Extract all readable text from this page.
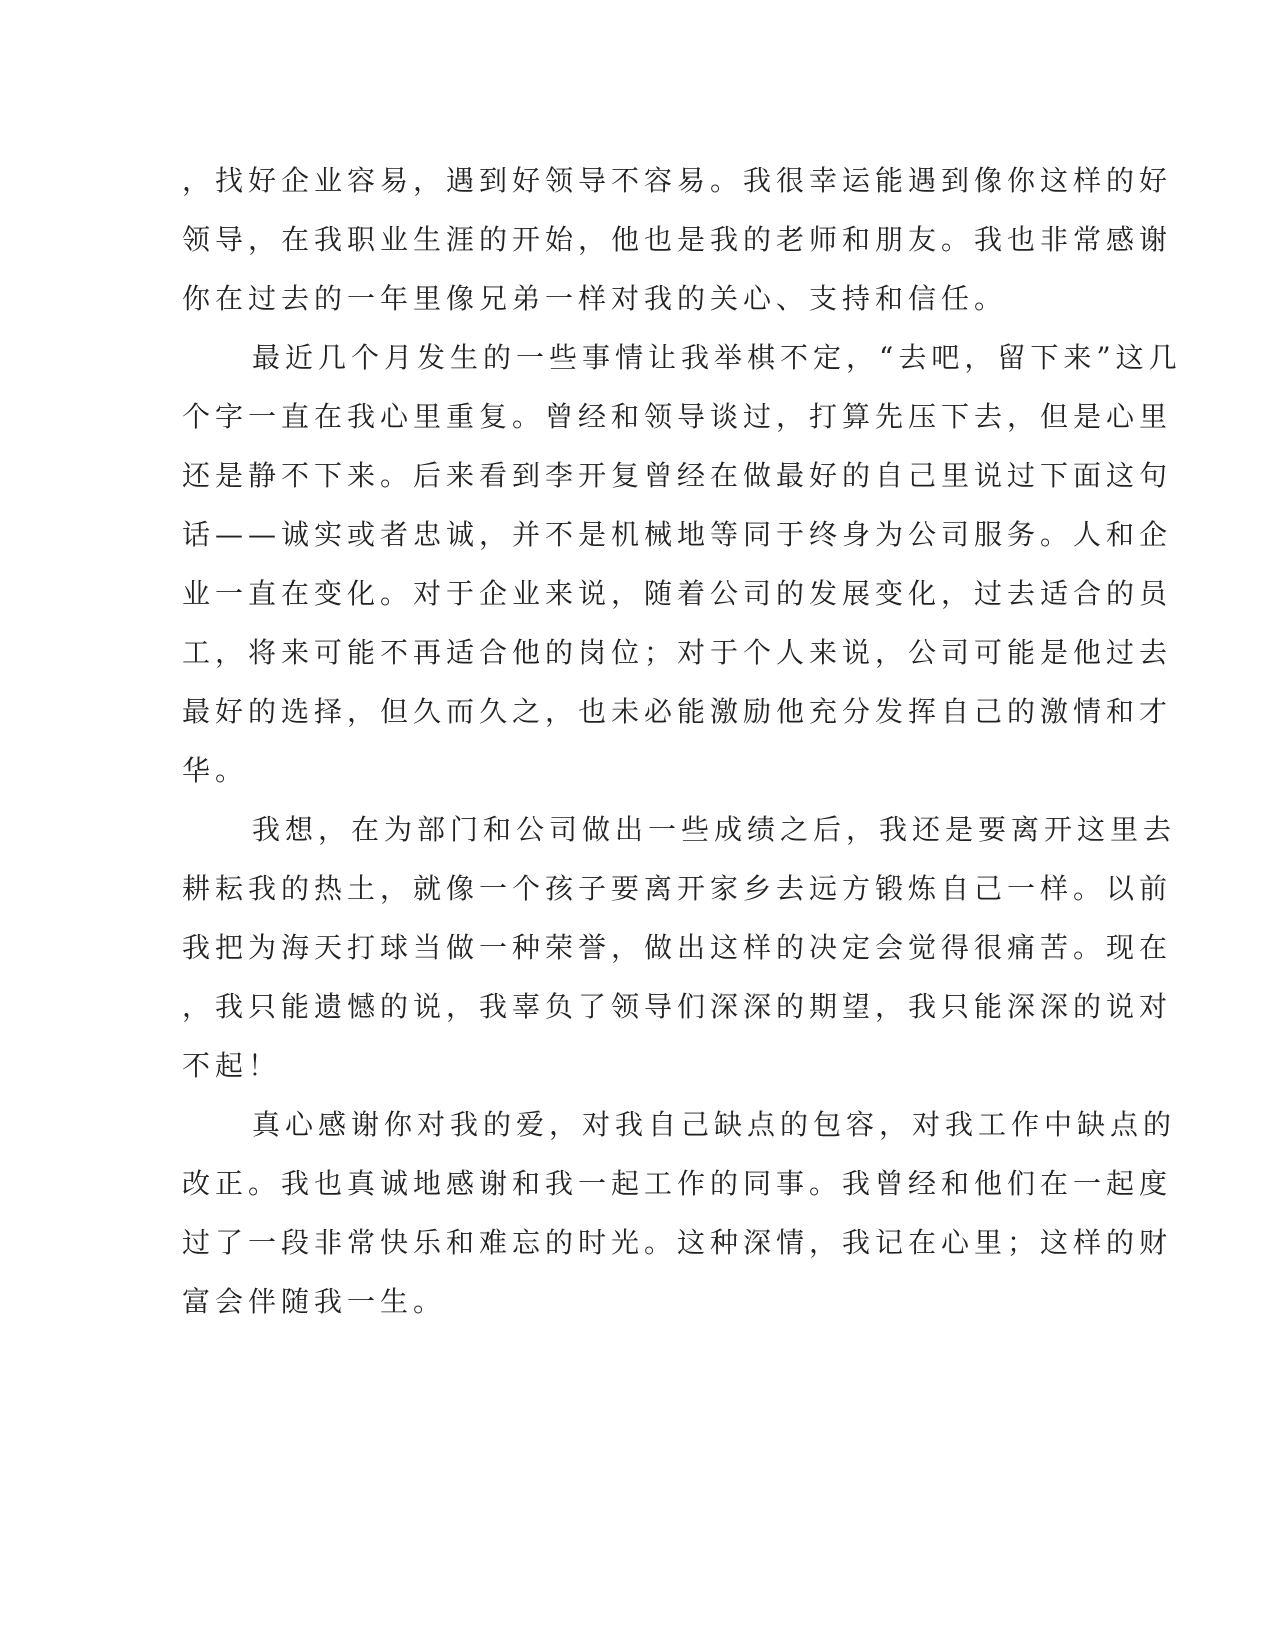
，找好企业容易，遇到好领导不容易。我很幸运能遇到像你这样的好

领导，在我职业生涯的开始，他也是我的老师和朋友。我也非常感谢

你在过去的一年里像兄弟一样对我的关心、支持和信任。

最近几个月发生的一些事情让我举棋不定，“去吧，留下来”这几

个字一直在我心里重复。曾经和领导谈过，打算先压下去，但是心里

还是静不下来。后来看到李开复曾经在做最好的自己里说过下面这句

话——诚实或者忠诚，并不是机械地等同于终身为公司服务。人和企

业一直在变化。对于企业来说，随着公司的发展变化，过去适合的员

工，将来可能不再适合他的岗位；对于个人来说，公司可能是他过去

最好的选择，但久而久之，也未必能激励他充分发挥自己的激情和才

华。

我想，在为部门和公司做出一些成绩之后，我还是要离开这里去

耕耘我的热土，就像一个孩子要离开家乡去远方锻炼自己一样。以前

我把为海天打球当做一种荣誉，做出这样的决定会觉得很痛苦。现在

，我只能遗憾的说，我辜负了领导们深深的期望，我只能深深的说对

不起！

真心感谢你对我的爱，对我自己缺点的包容，对我工作中缺点的

改正。我也真诚地感谢和我一起工作的同事。我曾经和他们在一起度

过了一段非常快乐和难忘的时光。这种深情，我记在心里；这样的财

富会伴随我一生。
